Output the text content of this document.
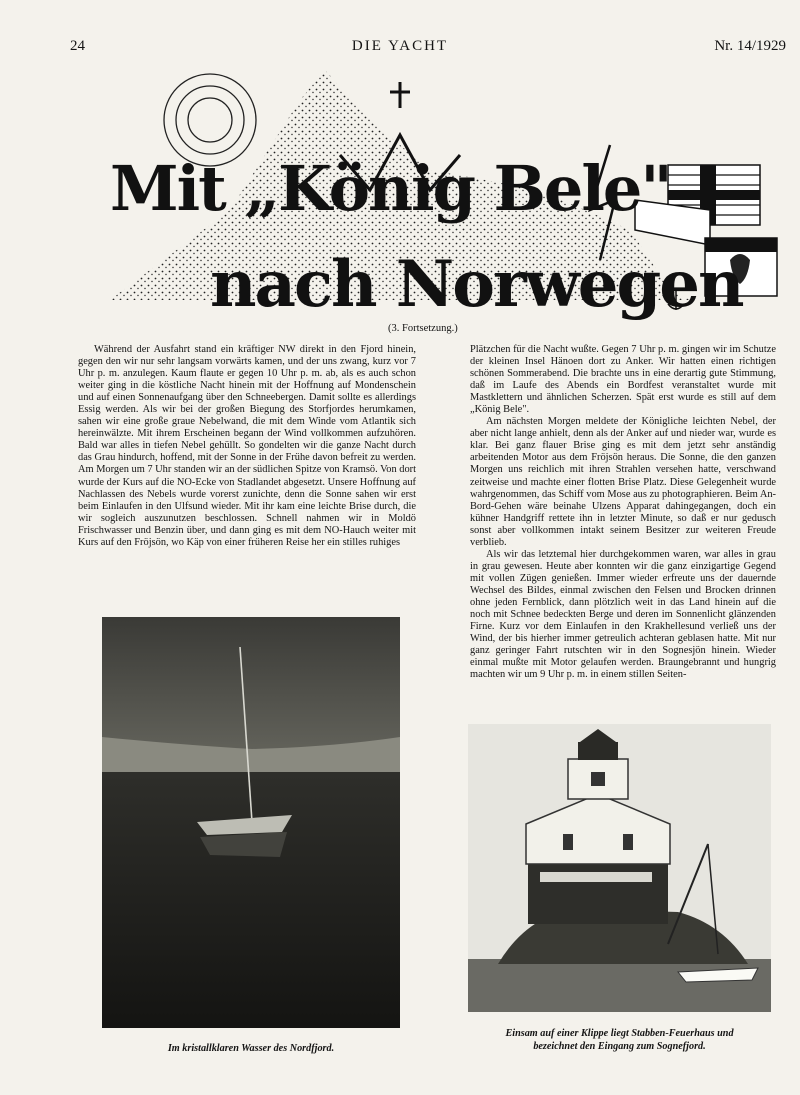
24	DIE YACHT	Nr. 14/1929
Mit „König Bele"
nach Norwegen
(3. Fortsetzung.)

Während der Ausfahrt stand ein kräftiger NW direkt in den Fjord hinein, gegen den wir nur sehr langsam vorwärts kamen, und der uns zwang, kurz vor 7 Uhr p. m. anzulegen. Kaum flaute er gegen 10 Uhr p. m. ab, als es auch schon weiter ging in die köstliche Nacht hinein mit der Hoffnung auf Mondenschein und auf einen Sonnenaufgang über den Schneebergen. Damit sollte es allerdings Essig werden. Als wir bei der großen Biegung des Storfjordes herumkamen, sahen wir eine große graue Nebelwand, die mit dem Winde vom Atlantik sich hereinwälzte. Mit ihrem Erscheinen begann der Wind vollkommen aufzuhören. Bald war alles in tiefen Nebel gehüllt. So gondelten wir die ganze Nacht durch das Grau hindurch, hoffend, mit der Sonne in der Frühe davon befreit zu werden. Am Morgen um 7 Uhr standen wir an der südlichen Spitze von Kramsö. Von dort wurde der Kurs auf die NO-Ecke von Stadlandet abgesetzt. Unsere Hoffnung auf Nachlassen des Nebels wurde vorerst zunichte, denn die Sonne sahen wir erst beim Einlaufen in den Ulfsund wieder. Mit ihr kam eine leichte Brise durch, die wir sogleich auszunutzen beschlossen. Schnell nahmen wir in Moldö Frischwasser und Benzin über, und dann ging es mit dem NO-Hauch weiter mit Kurs auf den Fröjsön, wo Käp von einer früheren Reise her ein stilles ruhiges

Plätzchen für die Nacht wußte. Gegen 7 Uhr p. m. gingen wir im Schutze der kleinen Insel Hänoen dort zu Anker. Wir hatten einen richtigen schönen Sommerabend. Die brachte uns in eine derartig gute Stimmung, daß im Laufe des Abends ein Bordfest veranstaltet wurde mit Mastklettern und ähnlichen Scherzen. Spät erst wurde es still auf dem „König Bele".

Am nächsten Morgen meldete der Königliche leichten Nebel, der aber nicht lange anhielt, denn als der Anker auf und nieder war, wurde es klar. Bei ganz flauer Brise ging es mit dem jetzt sehr anständig arbeitenden Motor aus dem Fröjsön heraus. Die Sonne, die den ganzen Morgen uns reichlich mit ihren Strahlen versehen hatte, verschwand zeitweise und machte einer flotten Brise Platz. Diese Gelegenheit wurde wahrgenommen, das Schiff vom Mose aus zu photographieren. Beim An-Bord-Gehen wäre beinahe Ulzens Apparat dahingegangen, doch ein kühner Handgriff rettete ihn in letzter Minute, so daß er nur gedusch sonst aber vollkommen intakt seinem Besitzer zur weiteren Freude verblieb.

Als wir das letztemal hier durchgekommen waren, war alles in grau in grau gewesen. Heute aber konnten wir die ganz einzigartige Gegend mit vollen Zügen genießen. Immer wieder erfreute uns der dauernde Wechsel des Bildes, einmal zwischen den Felsen und Brocken drinnen ohne jeden Fernblick, dann plötzlich weit in das Land hinein auf die noch mit Schnee bedeckten Berge und deren im Sonnenlicht glänzenden Firne. Kurz vor dem Einlaufen in den Krakhellesund verließ uns der Wind, der bis hierher immer getreulich achteran geblasen hatte. Mit nur ganz geringer Fahrt rutschten wir in den Sognesjön hinein. Wieder einmal mußte mit Motor gelaufen werden. Braungebrannt und hungrig machten wir um 9 Uhr p. m. in einem stillen Seiten-

Im kristallklaren Wasser des Nordfjord.
Einsam auf einer Klippe liegt Stabben-Feuerhaus und
bezeichnet den Eingang zum Sognefjord.
